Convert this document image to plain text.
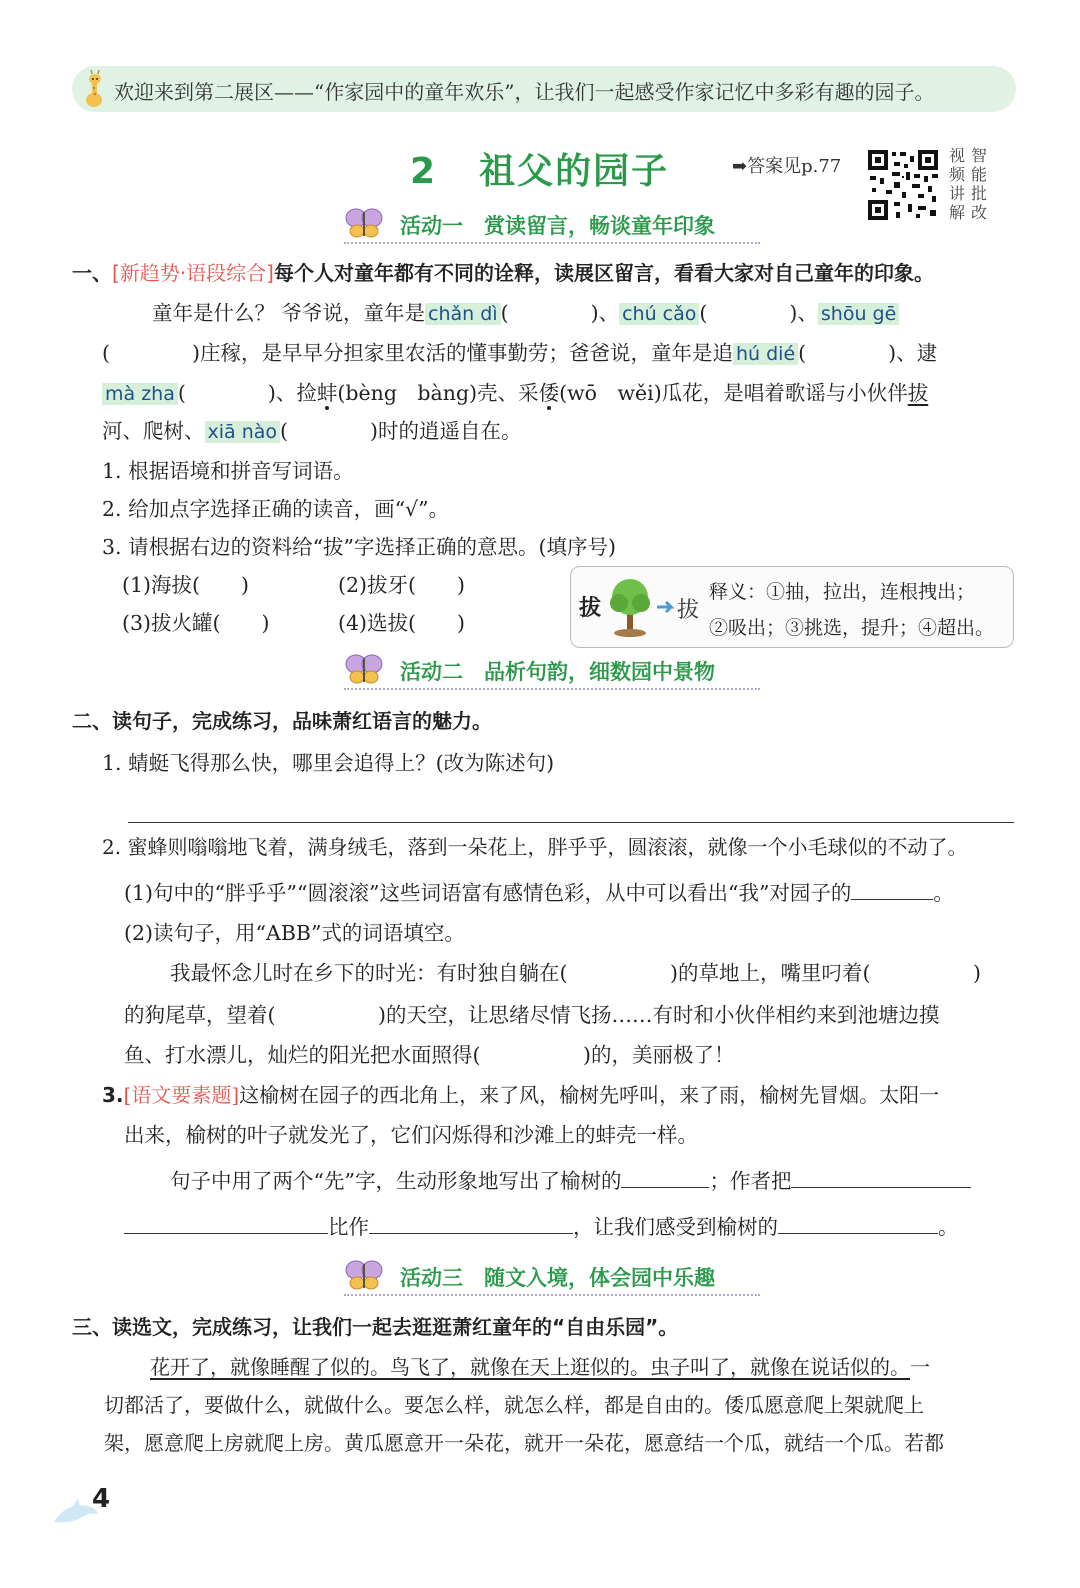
欢迎来到第二展区——“作家园中的童年欢乐”，让我们一起感受作家记忆中多彩有趣的园子。
2 祖父的园子	➡答案见p.77
视 智 频 能 讲 批 解 改
活动一　 赏读留言，畅谈童年印象
一、[新趋势·语段综合]每个人对童年都有不同的诠释，读展区留言，看看大家对自己童年的印象。
童年是什么？ 爷爷说，童年是 chǎn dì (　　　　)、 chú cǎo (　　　　)、 shōu gē
(　　　　)庄稼，是早早分担家里农活的懂事勤劳；爸爸说，童年是追 hú dié (　　　　)、逮
mà zha (　　　　)、捡蚌(bèng　bàng)壳、采倭(wō　wěi)瓜花，是唱着歌谣与小伙伴拔
河、爬树、 xiā nào (　　　　)时的逍遥自在。
1. 根据语境和拼音写词语。
2. 给加点字选择正确的读音，画“√”。
3. 请根据右边的资料给“拔”字选择正确的意思。(填序号)
(1)海拔(　　)	(2)拔牙(　　)
(3)拔火罐(　　)	(4)选拔(　　)
拔	拔
释义：①抽，拉出，连根拽出；
②吸出；③挑选，提升；④超出。
活动二　 品析句韵，细数园中景物
二、读句子，完成练习，品味萧红语言的魅力。
1. 蜻蜓飞得那么快，哪里会追得上？(改为陈述句)
2. 蜜蜂则嗡嗡地飞着，满身绒毛，落到一朵花上，胖乎乎，圆滚滚，就像一个小毛球似的不动了。
(1)句中的“胖乎乎”“圆滚滚”这些词语富有感情色彩，从中可以看出“我”对园子的	。
(2)读句子，用“ABB”式的词语填空。
我最怀念儿时在乡下的时光：有时独自躺在(　　　　　)的草地上，嘴里叼着(　　　　　)
的狗尾草，望着(　　　　　)的天空，让思绪尽情飞扬……有时和小伙伴相约来到池塘边摸
鱼、打水漂儿，灿烂的阳光把水面照得(　　　　　)的，美丽极了！
3.[语文要素题]这榆树在园子的西北角上，来了风，榆树先呼叫，来了雨，榆树先冒烟。太阳一
出来，榆树的叶子就发光了，它们闪烁得和沙滩上的蚌壳一样。
句子中用了两个“先”字，生动形象地写出了榆树的	；作者把
比作	，让我们感受到榆树的	。
活动三　 随文入境，体会园中乐趣
三、读选文，完成练习，让我们一起去逛逛萧红童年的“自由乐园”。
花开了，就像睡醒了似的。鸟飞了，就像在天上逛似的。虫子叫了，就像在说话似的。一
切都活了，要做什么，就做什么。要怎么样，就怎么样，都是自由的。倭瓜愿意爬上架就爬上
架，愿意爬上房就爬上房。黄瓜愿意开一朵花，就开一朵花，愿意结一个瓜，就结一个瓜。若都
4
